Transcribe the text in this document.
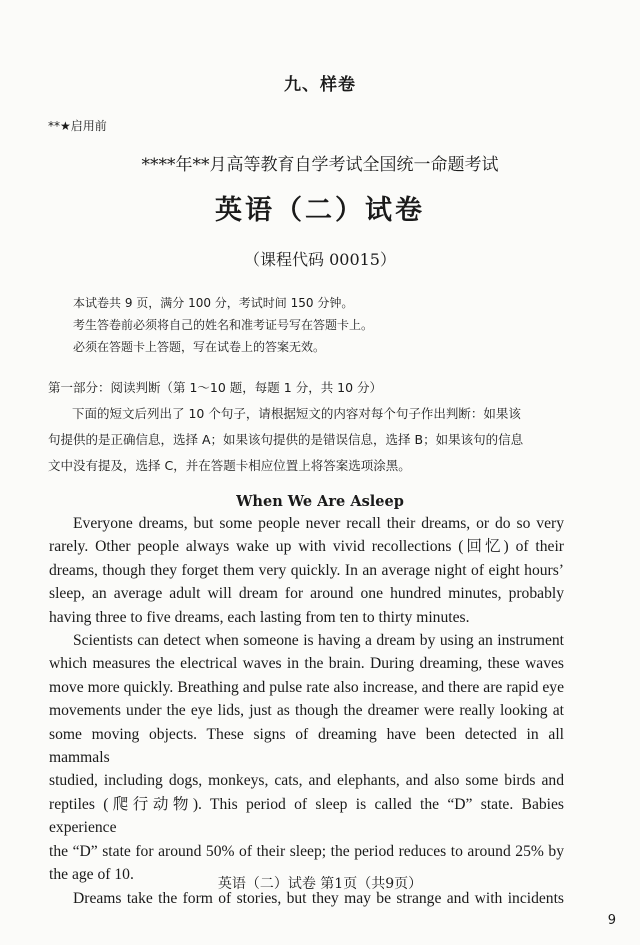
九、样卷
**★启用前
****年**月高等教育自学考试全国统一命题考试
英语（二）试卷
（课程代码 00015）
本试卷共 9 页，满分 100 分，考试时间 150 分钟。
考生答卷前必须将自己的姓名和准考证号写在答题卡上。
必须在答题卡上答题，写在试卷上的答案无效。
第一部分：阅读判断（第 1～10 题，每题 1 分，共 10 分）
下面的短文后列出了 10 个句子，请根据短文的内容对每个句子作出判断：如果该
句提供的是正确信息，选择 A；如果该句提供的是错误信息，选择 B；如果该句的信息
文中没有提及，选择 C，并在答题卡相应位置上将答案选项涂黑。
When We Are Asleep
Everyone dreams, but some people never recall their dreams, or do so very
rarely. Other people always wake up with vivid recollections (回忆) of their
dreams, though they forget them very quickly. In an average night of eight hours’
sleep, an average adult will dream for around one hundred minutes, probably
having three to five dreams, each lasting from ten to thirty minutes.
Scientists can detect when someone is having a dream by using an instrument
which measures the electrical waves in the brain. During dreaming, these waves
move more quickly. Breathing and pulse rate also increase, and there are rapid eye
movements under the eye lids, just as though the dreamer were really looking at
some moving objects. These signs of dreaming have been detected in all mammals
studied, including dogs, monkeys, cats, and elephants, and also some birds and
reptiles (爬行动物). This period of sleep is called the “D” state. Babies experience
the “D” state for around 50% of their sleep; the period reduces to around 25% by
the age of 10.
Dreams take the form of stories, but they may be strange and with incidents
英语（二）试卷 第1页（共9页）
9
